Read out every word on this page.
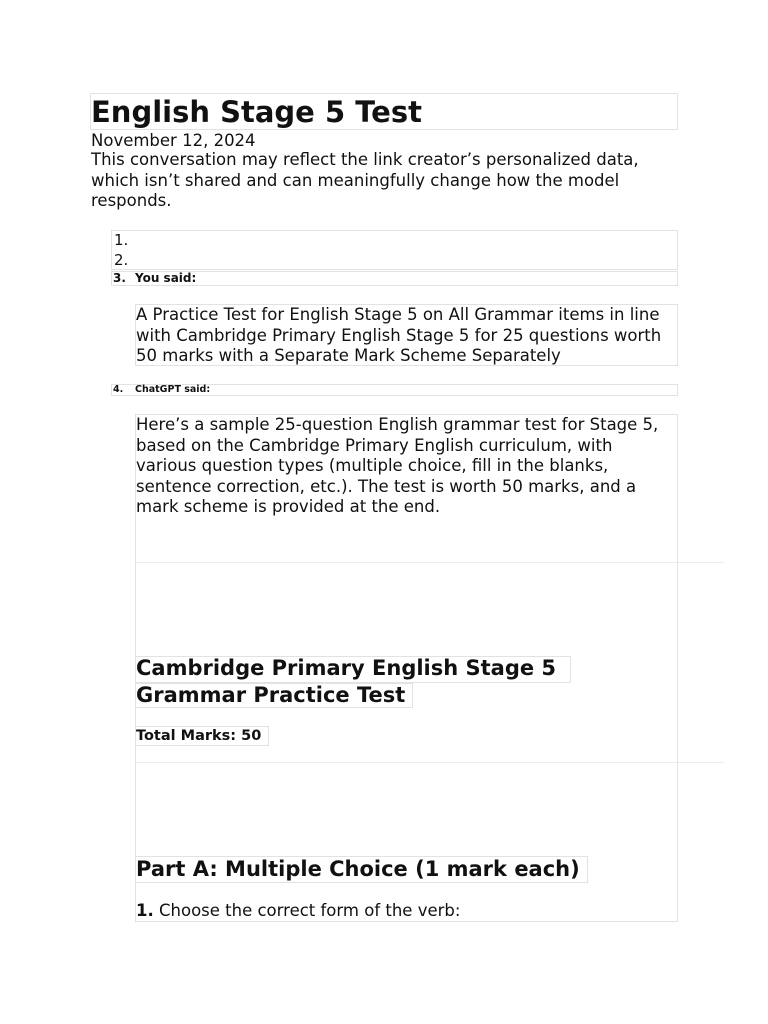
English Stage 5 Test
November 12, 2024
This conversation may reflect the link creator’s personalized data, which isn’t shared and can meaningfully change how the model responds.
1.
2.
3. You said:
A Practice Test for English Stage 5 on All Grammar items in line with Cambridge Primary English Stage 5 for 25 questions worth 50 marks with a Separate Mark Scheme Separately
4. ChatGPT said:
Here’s a sample 25-question English grammar test for Stage 5, based on the Cambridge Primary English curriculum, with various question types (multiple choice, fill in the blanks, sentence correction, etc.). The test is worth 50 marks, and a mark scheme is provided at the end.
Cambridge Primary English Stage 5
Grammar Practice Test
Total Marks: 50
Part A: Multiple Choice (1 mark each)
1. Choose the correct form of the verb:
